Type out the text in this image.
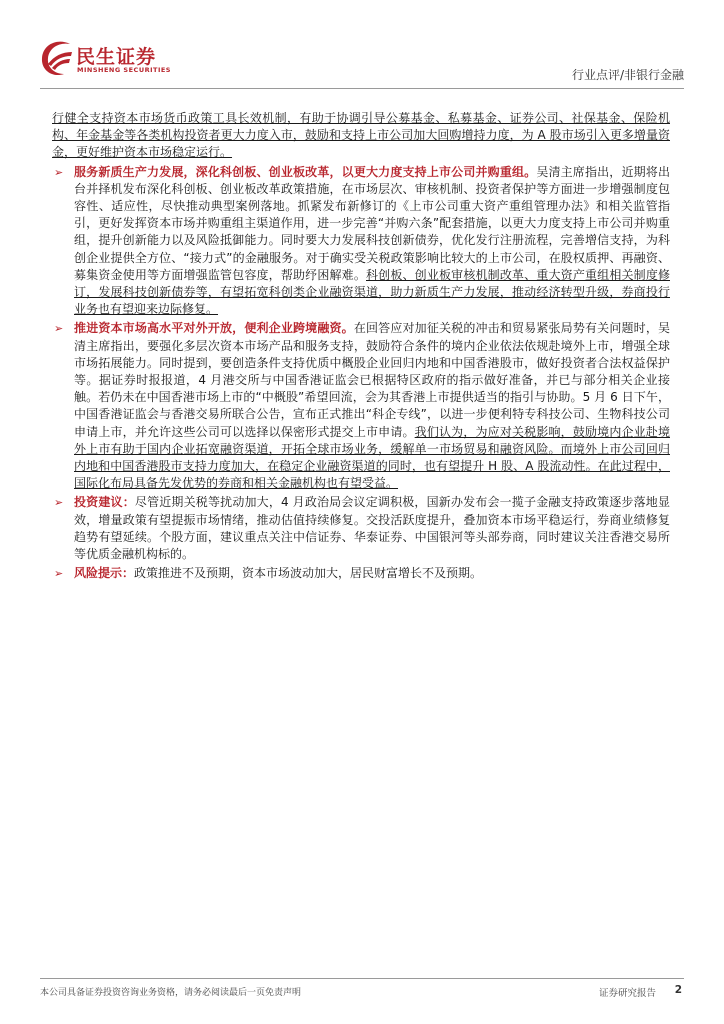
民生证券
MINSHENG SECURITIES	行业点评/非银行金融

行健全支持资本市场货币政策工具长效机制，有助于协调引导公募基金、私募基金、证券公司、社保基金、保险机构、年金基金等各类机构投资者更大力度入市，鼓励和支持上市公司加大回购增持力度，为 A 股市场引入更多增量资金，更好维护资本市场稳定运行。

➢ 服务新质生产力发展，深化科创板、创业板改革，以更大力度支持上市公司并购重组。吴清主席指出，近期将出台并择机发布深化科创板、创业板改革政策措施，在市场层次、审核机制、投资者保护等方面进一步增强制度包容性、适应性，尽快推动典型案例落地。抓紧发布新修订的《上市公司重大资产重组管理办法》和相关监管指引，更好发挥资本市场并购重组主渠道作用，进一步完善“并购六条”配套措施，以更大力度支持上市公司并购重组，提升创新能力以及风险抵御能力。同时要大力发展科技创新债券，优化发行注册流程，完善增信支持，为科创企业提供全方位、“接力式”的金融服务。对于确实受关税政策影响比较大的上市公司，在股权质押、再融资、募集资金使用等方面增强监管包容度，帮助纾困解难。科创板、创业板审核机制改革、重大资产重组相关制度修订，发展科技创新债券等，有望拓宽科创类企业融资渠道，助力新质生产力发展，推动经济转型升级，券商投行业务也有望迎来边际修复。
➢ 推进资本市场高水平对外开放，便利企业跨境融资。在回答应对加征关税的冲击和贸易紧张局势有关问题时，吴清主席指出，要强化多层次资本市场产品和服务支持，鼓励符合条件的境内企业依法依规赴境外上市，增强全球市场拓展能力。同时提到，要创造条件支持优质中概股企业回归内地和中国香港股市，做好投资者合法权益保护等。据证券时报报道，4 月港交所与中国香港证监会已根据特区政府的指示做好准备，并已与部分相关企业接触。若仍未在中国香港市场上市的“中概股”希望回流，会为其香港上市提供适当的指引与协助。5 月 6 日下午，中国香港证监会与香港交易所联合公告，宣布正式推出“科企专线”，以进一步便利特专科技公司、生物科技公司申请上市，并允许这些公司可以选择以保密形式提交上市申请。我们认为，为应对关税影响，鼓励境内企业赴境外上市有助于国内企业拓宽融资渠道，开拓全球市场业务，缓解单一市场贸易和融资风险。而境外上市公司回归内地和中国香港股市支持力度加大，在稳定企业融资渠道的同时，也有望提升 H 股、A 股流动性。在此过程中，国际化布局具备先发优势的券商和相关金融机构也有望受益。
➢ 投资建议：尽管近期关税等扰动加大，4 月政治局会议定调积极，国新办发布会一揽子金融支持政策逐步落地显效，增量政策有望提振市场情绪，推动估值持续修复。交投活跃度提升，叠加资本市场平稳运行，券商业绩修复趋势有望延续。个股方面，建议重点关注中信证券、华泰证券、中国银河等头部券商，同时建议关注香港交易所等优质金融机构标的。
➢ 风险提示：政策推进不及预期，资本市场波动加大，居民财富增长不及预期。
本公司具备证券投资咨询业务资格，请务必阅读最后一页免责声明	证券研究报告 2
